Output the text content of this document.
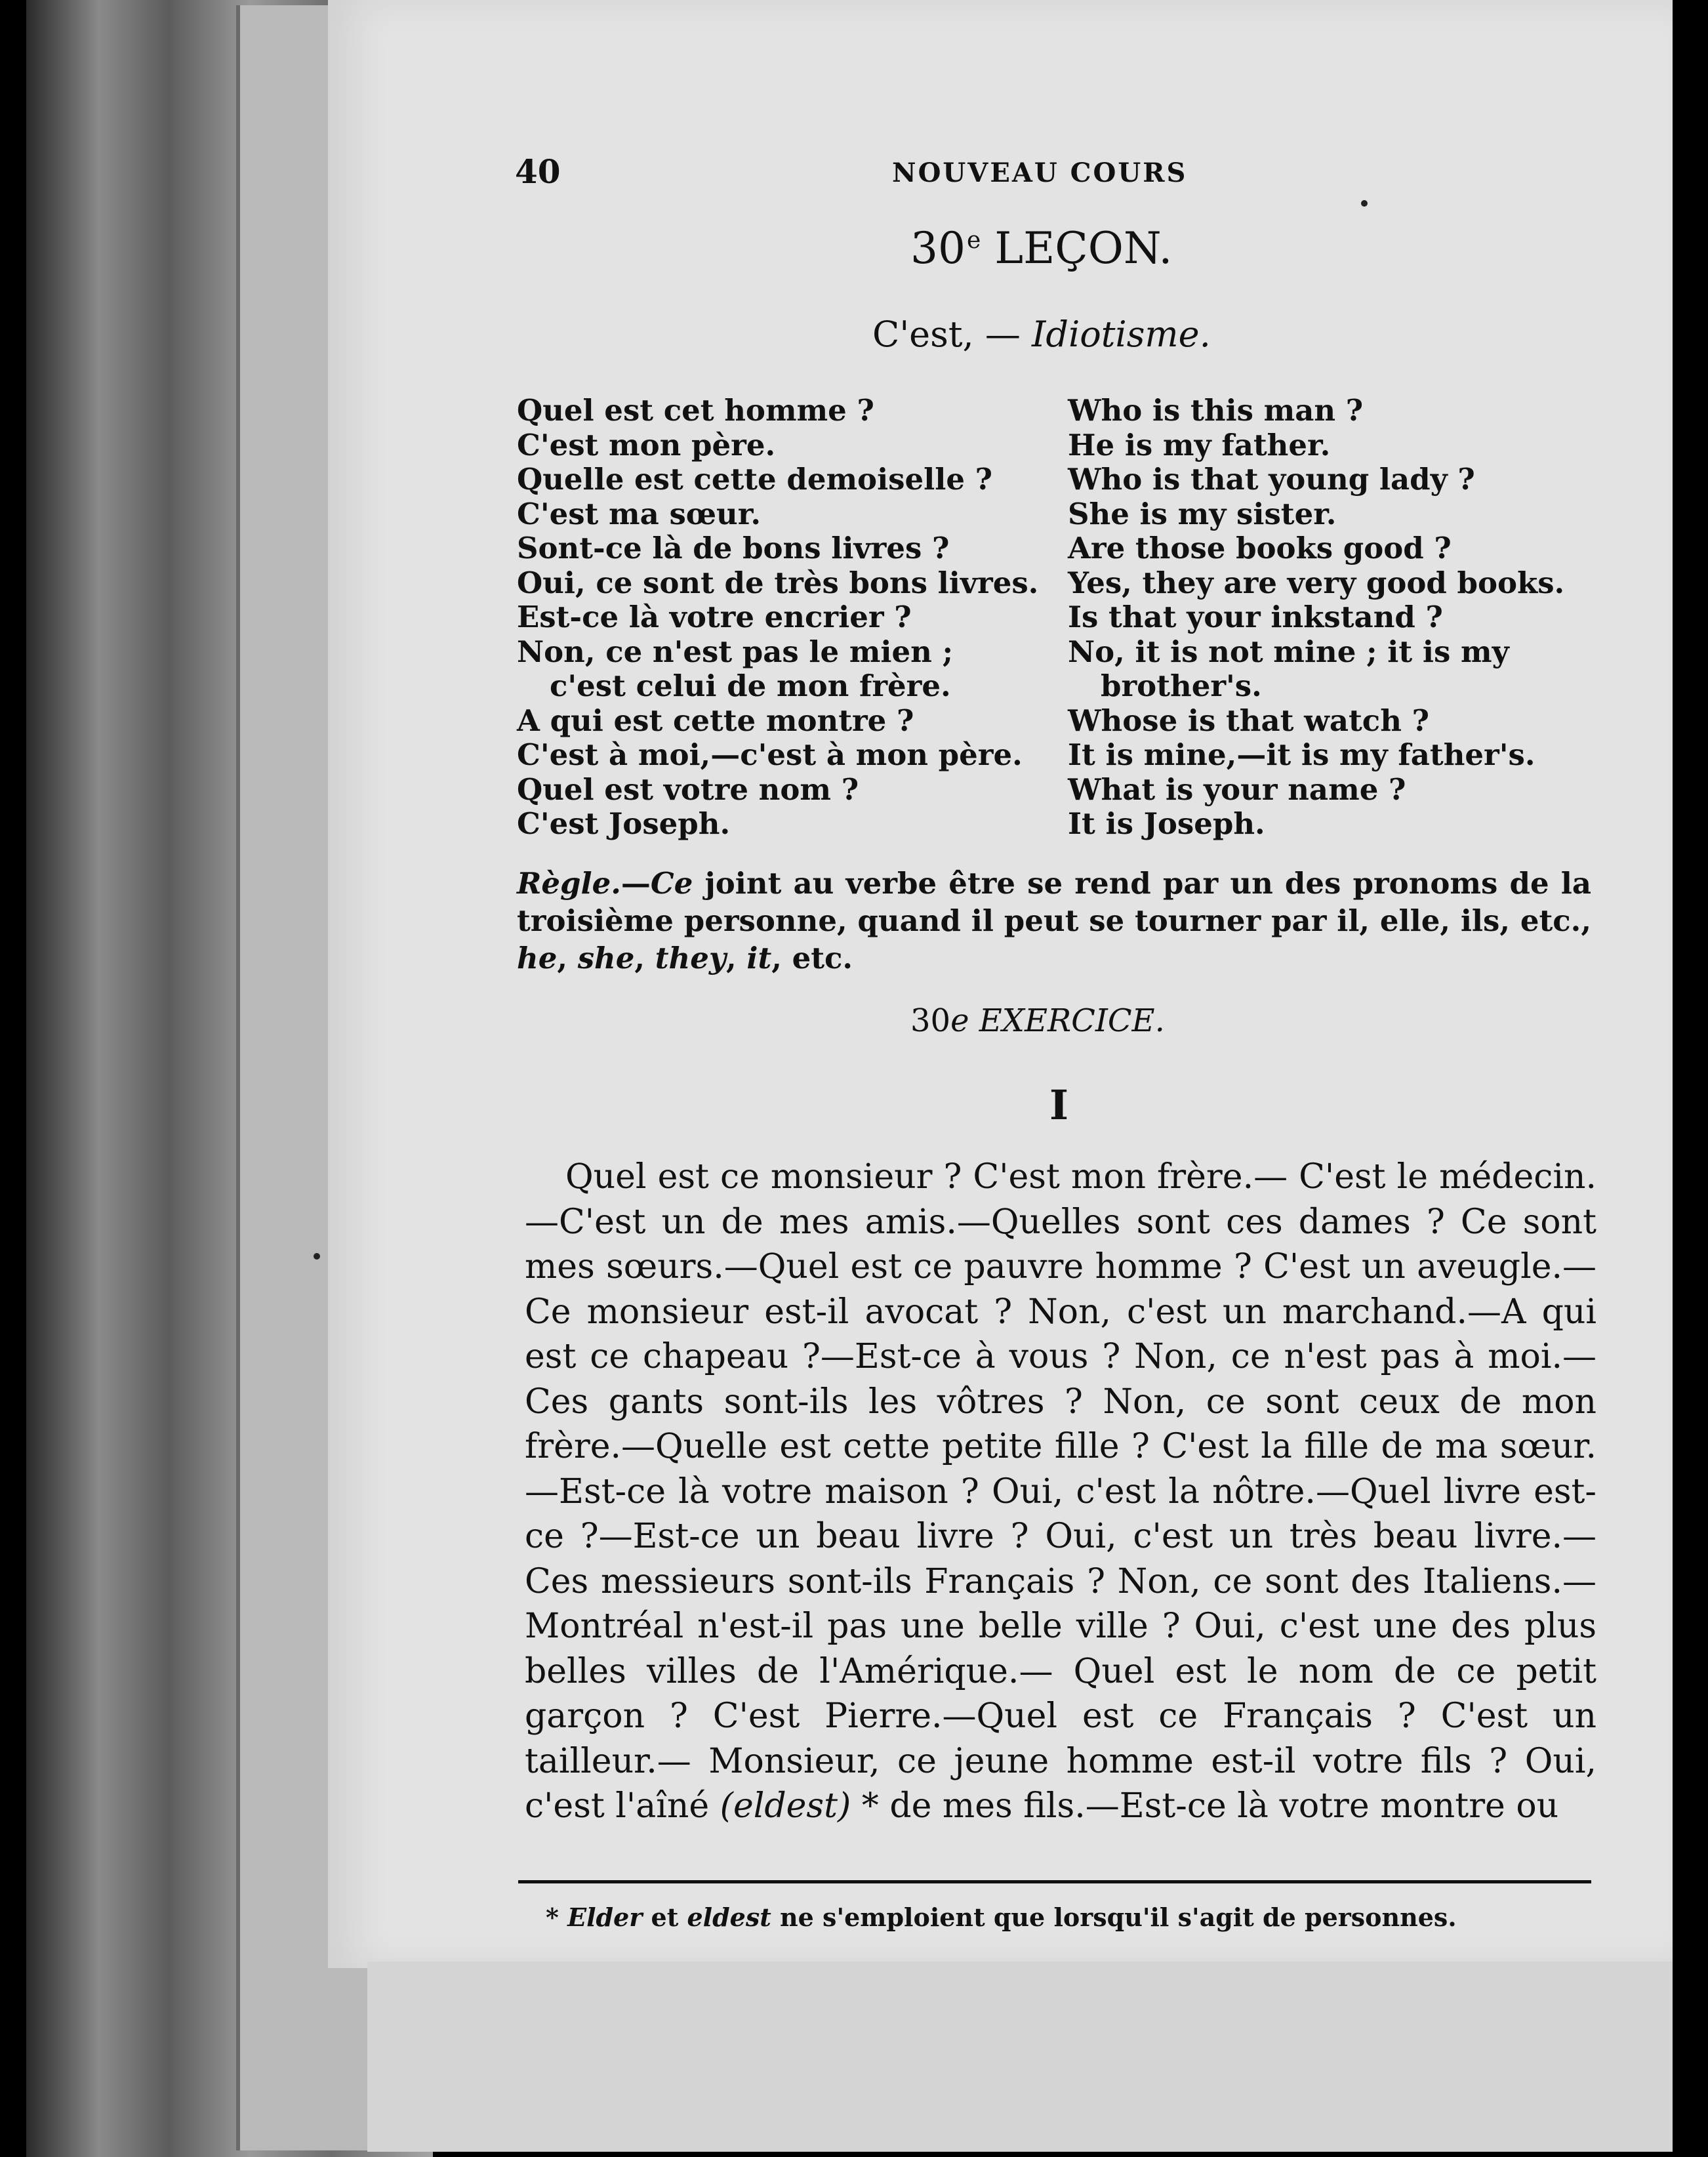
40	NOUVEAU COURS
30e LEÇON.
C'est, — Idiotisme.
Quel est cet homme ?
C'est mon père.
Quelle est cette demoiselle ?
C'est ma sœur.
Sont-ce là de bons livres ?
Oui, ce sont de très bons livres.
Est-ce là votre encrier ?
Non, ce n'est pas le mien ;
c'est celui de mon frère.
A qui est cette montre ?
C'est à moi,—c'est à mon père.
Quel est votre nom ?
C'est Joseph.
Who is this man ?
He is my father.
Who is that young lady ?
She is my sister.
Are those books good ?
Yes, they are very good books.
Is that your inkstand ?
No, it is not mine ; it is my
brother's.
Whose is that watch ?
It is mine,—it is my father's.
What is your name ?
It is Joseph.
Règle.—Ce joint au verbe être se rend par un des pronoms de la troisième personne, quand il peut se tourner par il, elle, ils, etc., he, she, they, it, etc.
30e EXERCICE.
I
Quel est ce monsieur ? C'est mon frère.— C'est le médecin.—C'est un de mes amis.—Quelles sont ces dames ? Ce sont mes sœurs.—Quel est ce pauvre homme ? C'est un aveugle.—Ce monsieur est-il avocat ? Non, c'est un marchand.—A qui est ce chapeau ?—Est-ce à vous ? Non, ce n'est pas à moi.—Ces gants sont-ils les vôtres ? Non, ce sont ceux de mon frère.—Quelle est cette petite fille ? C'est la fille de ma sœur.—Est-ce là votre maison ? Oui, c'est la nôtre.—Quel livre est-ce ?—Est-ce un beau livre ? Oui, c'est un très beau livre.—Ces messieurs sont-ils Français ? Non, ce sont des Italiens.—Montréal n'est-il pas une belle ville ? Oui, c'est une des plus belles villes de l'Amérique.— Quel est le nom de ce petit garçon ? C'est Pierre.—Quel est ce Français ? C'est un tailleur.— Monsieur, ce jeune homme est-il votre fils ? Oui, c'est l'aîné (eldest) * de mes fils.—Est-ce là votre montre ou
* Elder et eldest ne s'emploient que lorsqu'il s'agit de personnes.
